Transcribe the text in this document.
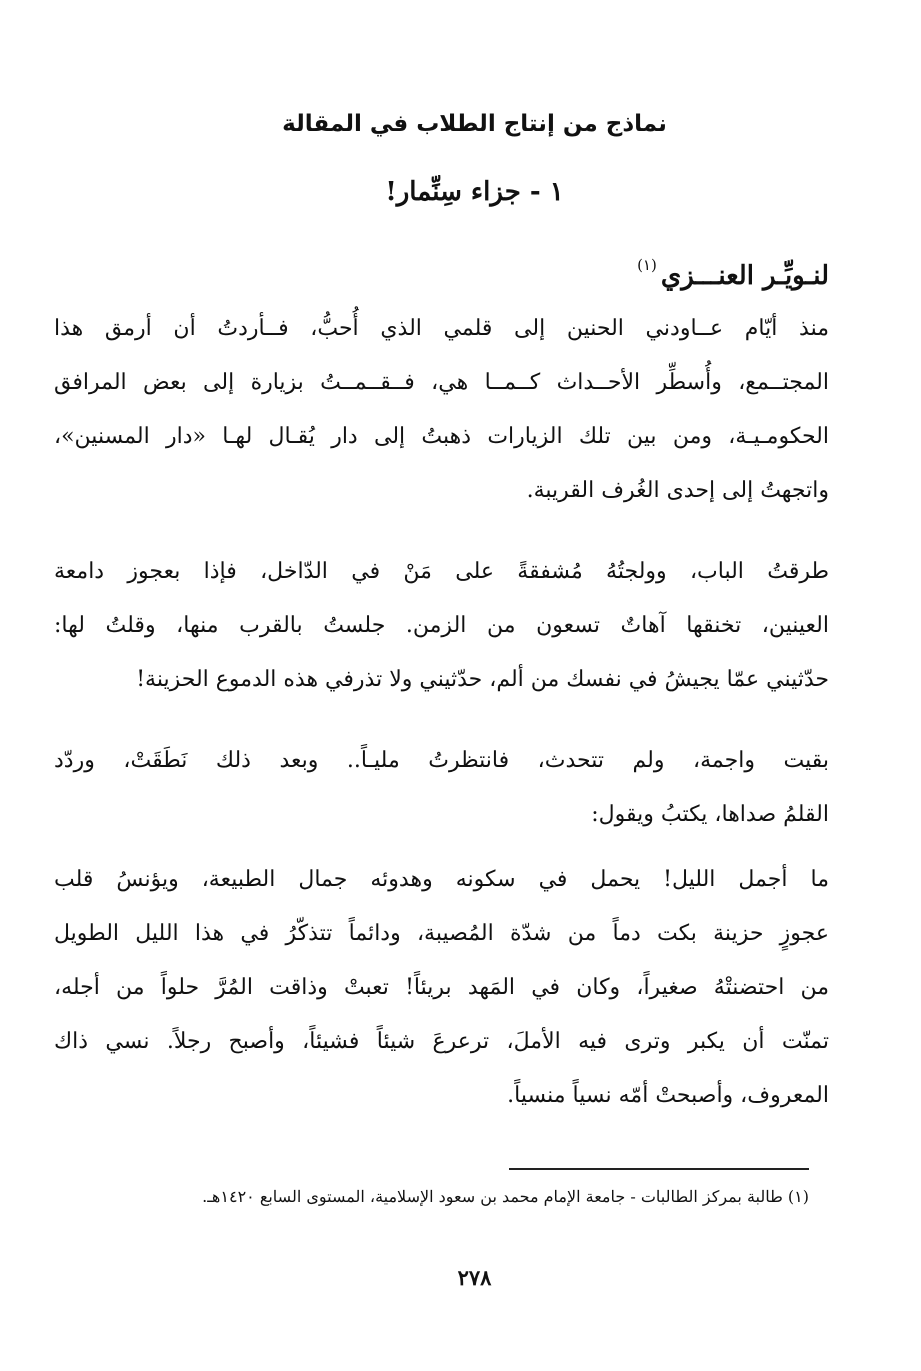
نماذج من إنتاج الطلاب في المقالة
١ - جزاء سِنِّمار!
لنـويِّـر العنـــزي$^{(١)}$
منذ أيّام عــاودني الحنين إلى قلمي الذي أُحبُّ، فــأردتُ أن أرمق هذا
المجتــمع، وأُسطِّر الأحــداث كــمــا هي، فــقــمــتُ بزيارة إلى بعض المرافق
الحكومـيـة، ومن بين تلك الزيارات ذهبتُ إلى دار يُقـال لهـا «دار المسنين»،
واتجهتُ إلى إحدى الغُرف القريبة.
طرقتُ الباب، وولجتُهُ مُشفقةً على مَنْ في الدّاخل، فإذا بعجوز دامعة
العينين، تخنقها آهاتٌ تسعون من الزمن. جلستُ بالقرب منها، وقلتُ لها:
حدّثيني عمّا يجيشُ في نفسك من ألم، حدّثيني ولا تذرفي هذه الدموع الحزينة!
بقيت واجمة، ولم تتحدث، فانتظرتُ مليـاً.. وبعد ذلك نَطَقَتْ، وردّد
القلمُ صداها، يكتبُ ويقول:
ما أجمل الليل! يحمل في سكونه وهدوئه جمال الطبيعة، ويؤنسُ قلب
عجوزٍ حزينة بكت دماً من شدّة المُصيبة، ودائماً تتذكّرُ في هذا الليل الطويل
من احتضنتْهُ صغيراً، وكان في المَهد بريئاً! تعبتْ وذاقت المُرَّ حلواً من أجله،
تمنّت أن يكبر وترى فيه الأملَ، ترعرعَ شيئاً فشيئاً، وأصبح رجلاً. نسي ذاك
المعروف، وأصبحتْ أمّه نسياً منسياً.
(١) طالبة بمركز الطالبات - جامعة الإمام محمد بن سعود الإسلامية، المستوى السابع ١٤٢٠هـ.
٢٧٨
